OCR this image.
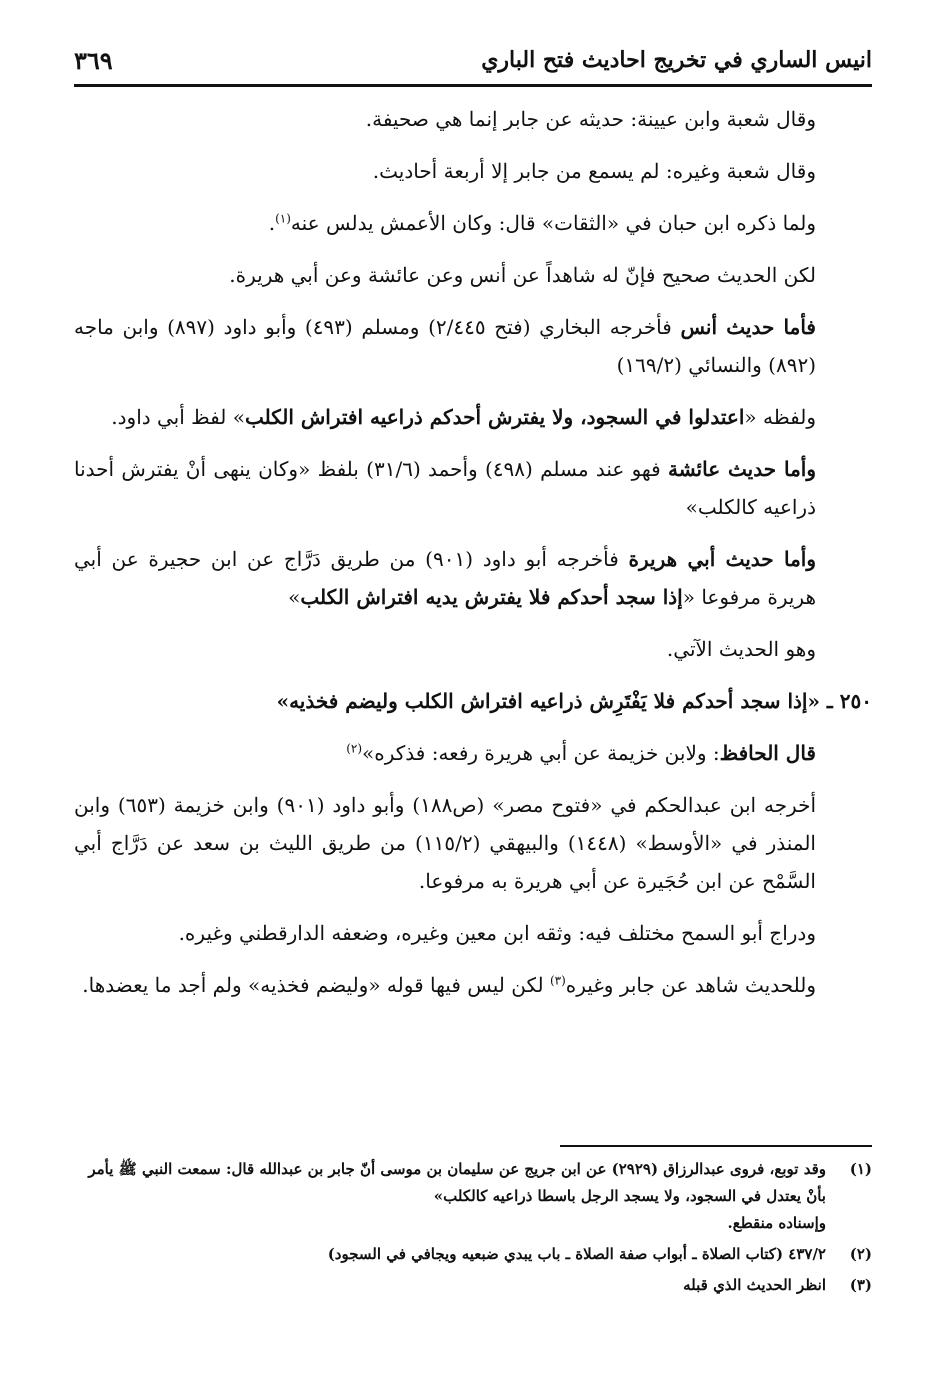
انيس الساري في تخريج احاديث فتح الباري
٣٦٩

وقال شعبة وابن عيينة: حديثه عن جابر إنما هي صحيفة.

وقال شعبة وغيره: لم يسمع من جابر إلا أربعة أحاديث.

ولما ذكره ابن حبان في «الثقات» قال: وكان الأعمش يدلس عنه$^{(١)}$.

لكن الحديث صحيح فإنّ له شاهداً عن أنس وعن عائشة وعن أبي هريرة.

فأما حديث أنس فأخرجه البخاري (فتح ٢/٤٤٥) ومسلم (٤٩٣) وأبو داود (٨٩٧) وابن ماجه (٨٩٢) والنسائي (١٦٩/٢)

ولفظه «اعتدلوا في السجود، ولا يفترش أحدكم ذراعيه افتراش الكلب» لفظ أبي داود.

وأما حديث عائشة فهو عند مسلم (٤٩٨) وأحمد (٣١/٦) بلفظ «وكان ينهى أنْ يفترش أحدنا ذراعيه كالكلب»

وأما حديث أبي هريرة فأخرجه أبو داود (٩٠١) من طريق دَرَّاج عن ابن حجيرة عن أبي هريرة مرفوعا «إذا سجد أحدكم فلا يفترش يديه افتراش الكلب»

وهو الحديث الآتي.

٢٥٠ ـ «إذا سجد أحدكم فلا يَفْتَرِش ذراعيه افتراش الكلب وليضم فخذيه»

قال الحافظ: ولابن خزيمة عن أبي هريرة رفعه: فذكره»$^{(٢)}$

أخرجه ابن عبدالحكم في «فتوح مصر» (ص١٨٨) وأبو داود (٩٠١) وابن خزيمة (٦٥٣) وابن المنذر في «الأوسط» (١٤٤٨) والبيهقي (١١٥/٢) من طريق الليث بن سعد عن دَرَّاج أبي السَّمْح عن ابن حُجَيرة عن أبي هريرة به مرفوعا.

ودراج أبو السمح مختلف فيه: وثقه ابن معين وغيره، وضعفه الدارقطني وغيره.

وللحديث شاهد عن جابر وغيره$^{(٣)}$ لكن ليس فيها قوله «وليضم فخذيه» ولم أجد ما يعضدها.

(١)
وقد توبع، فروى عبدالرزاق (٢٩٢٩) عن ابن جريج عن سليمان بن موسى أنّ جابر بن عبدالله قال: سمعت النبي ﷺ يأمر بأنْ يعتدل في السجود، ولا يسجد الرجل باسطا ذراعيه كالكلب»
وإسناده منقطع.
(٢)
٤٣٧/٢ (كتاب الصلاة ـ أبواب صفة الصلاة ـ باب يبدي ضبعيه ويجافي في السجود)
(٣)
انظر الحديث الذي قبله
